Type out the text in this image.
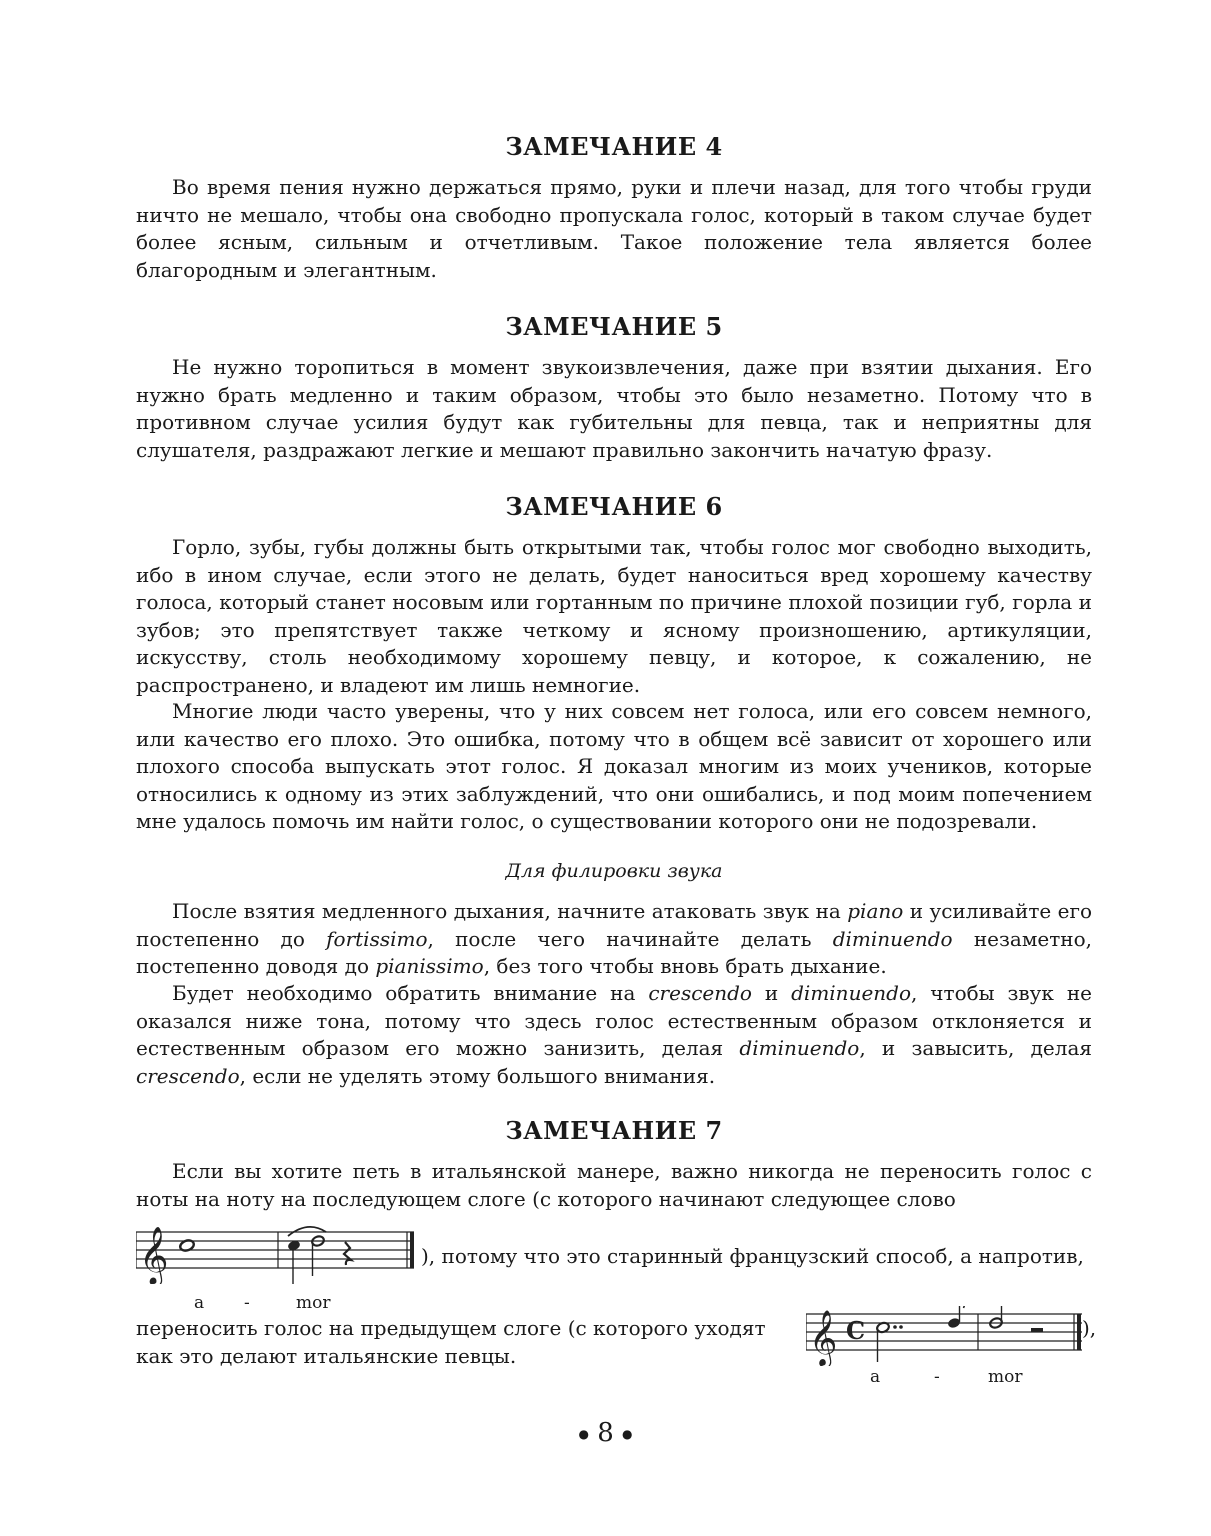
ЗАМЕЧАНИЕ 4

Во время пения нужно держаться прямо, руки и плечи назад, для того чтобы груди ничто не мешало, чтобы она свободно пропускала голос, который в таком случае будет более ясным, сильным и отчетливым. Такое положение тела является более благородным и элегантным.

ЗАМЕЧАНИЕ 5

Не нужно торопиться в момент звукоизвлечения, даже при взятии дыхания. Его нужно брать медленно и таким образом, чтобы это было незаметно. Потому что в противном случае усилия будут как губительны для певца, так и неприятны для слушателя, раздражают легкие и мешают правильно закончить начатую фразу.

ЗАМЕЧАНИЕ 6

Горло, зубы, губы должны быть открытыми так, чтобы голос мог свободно выходить, ибо в ином случае, если этого не делать, будет наноситься вред хорошему качеству голоса, который станет носовым или гортанным по причине плохой позиции губ, горла и зубов; это препятствует также четкому и ясному произношению, артикуляции, искусству, столь необходимому хорошему певцу, и которое, к сожалению, не распространено, и владеют им лишь немногие.

Многие люди часто уверены, что у них совсем нет голоса, или его совсем немного, или качество его плохо. Это ошибка, потому что в общем всё зависит от хорошего или плохого способа выпускать этот голос. Я доказал многим из моих учеников, которые относились к одному из этих заблуждений, что они ошибались, и под моим попечением мне удалось помочь им найти голос, о существовании которого они не подозревали.

Для филировки звука

После взятия медленного дыхания, начните атаковать звук на piano и усиливайте его постепенно до fortissimo, после чего начинайте делать diminuendo незаметно, постепенно доводя до pianissimo, без того чтобы вновь брать дыхание.

Будет необходимо обратить внимание на crescendo и diminuendo, чтобы звук не оказался ниже тона, потому что здесь голос естественным образом отклоняется и естественным образом его можно занизить, делая diminuendo, и завысить, делая crescendo, если не уделять этому большого внимания.

ЗАМЕЧАНИЕ 7

Если вы хотите петь в итальянской манере, важно никогда не переносить голос с ноты на ноту на последующем слоге (с которого начинают следующее слово

𝄞	), потому что это старинный французский способ, а напротив,
a -	mor
переносить голос на предыдущем слоге (с которого уходят 𝄞 C	),
как это делают итальянские певцы.
a	-	mor
● 8 ●
